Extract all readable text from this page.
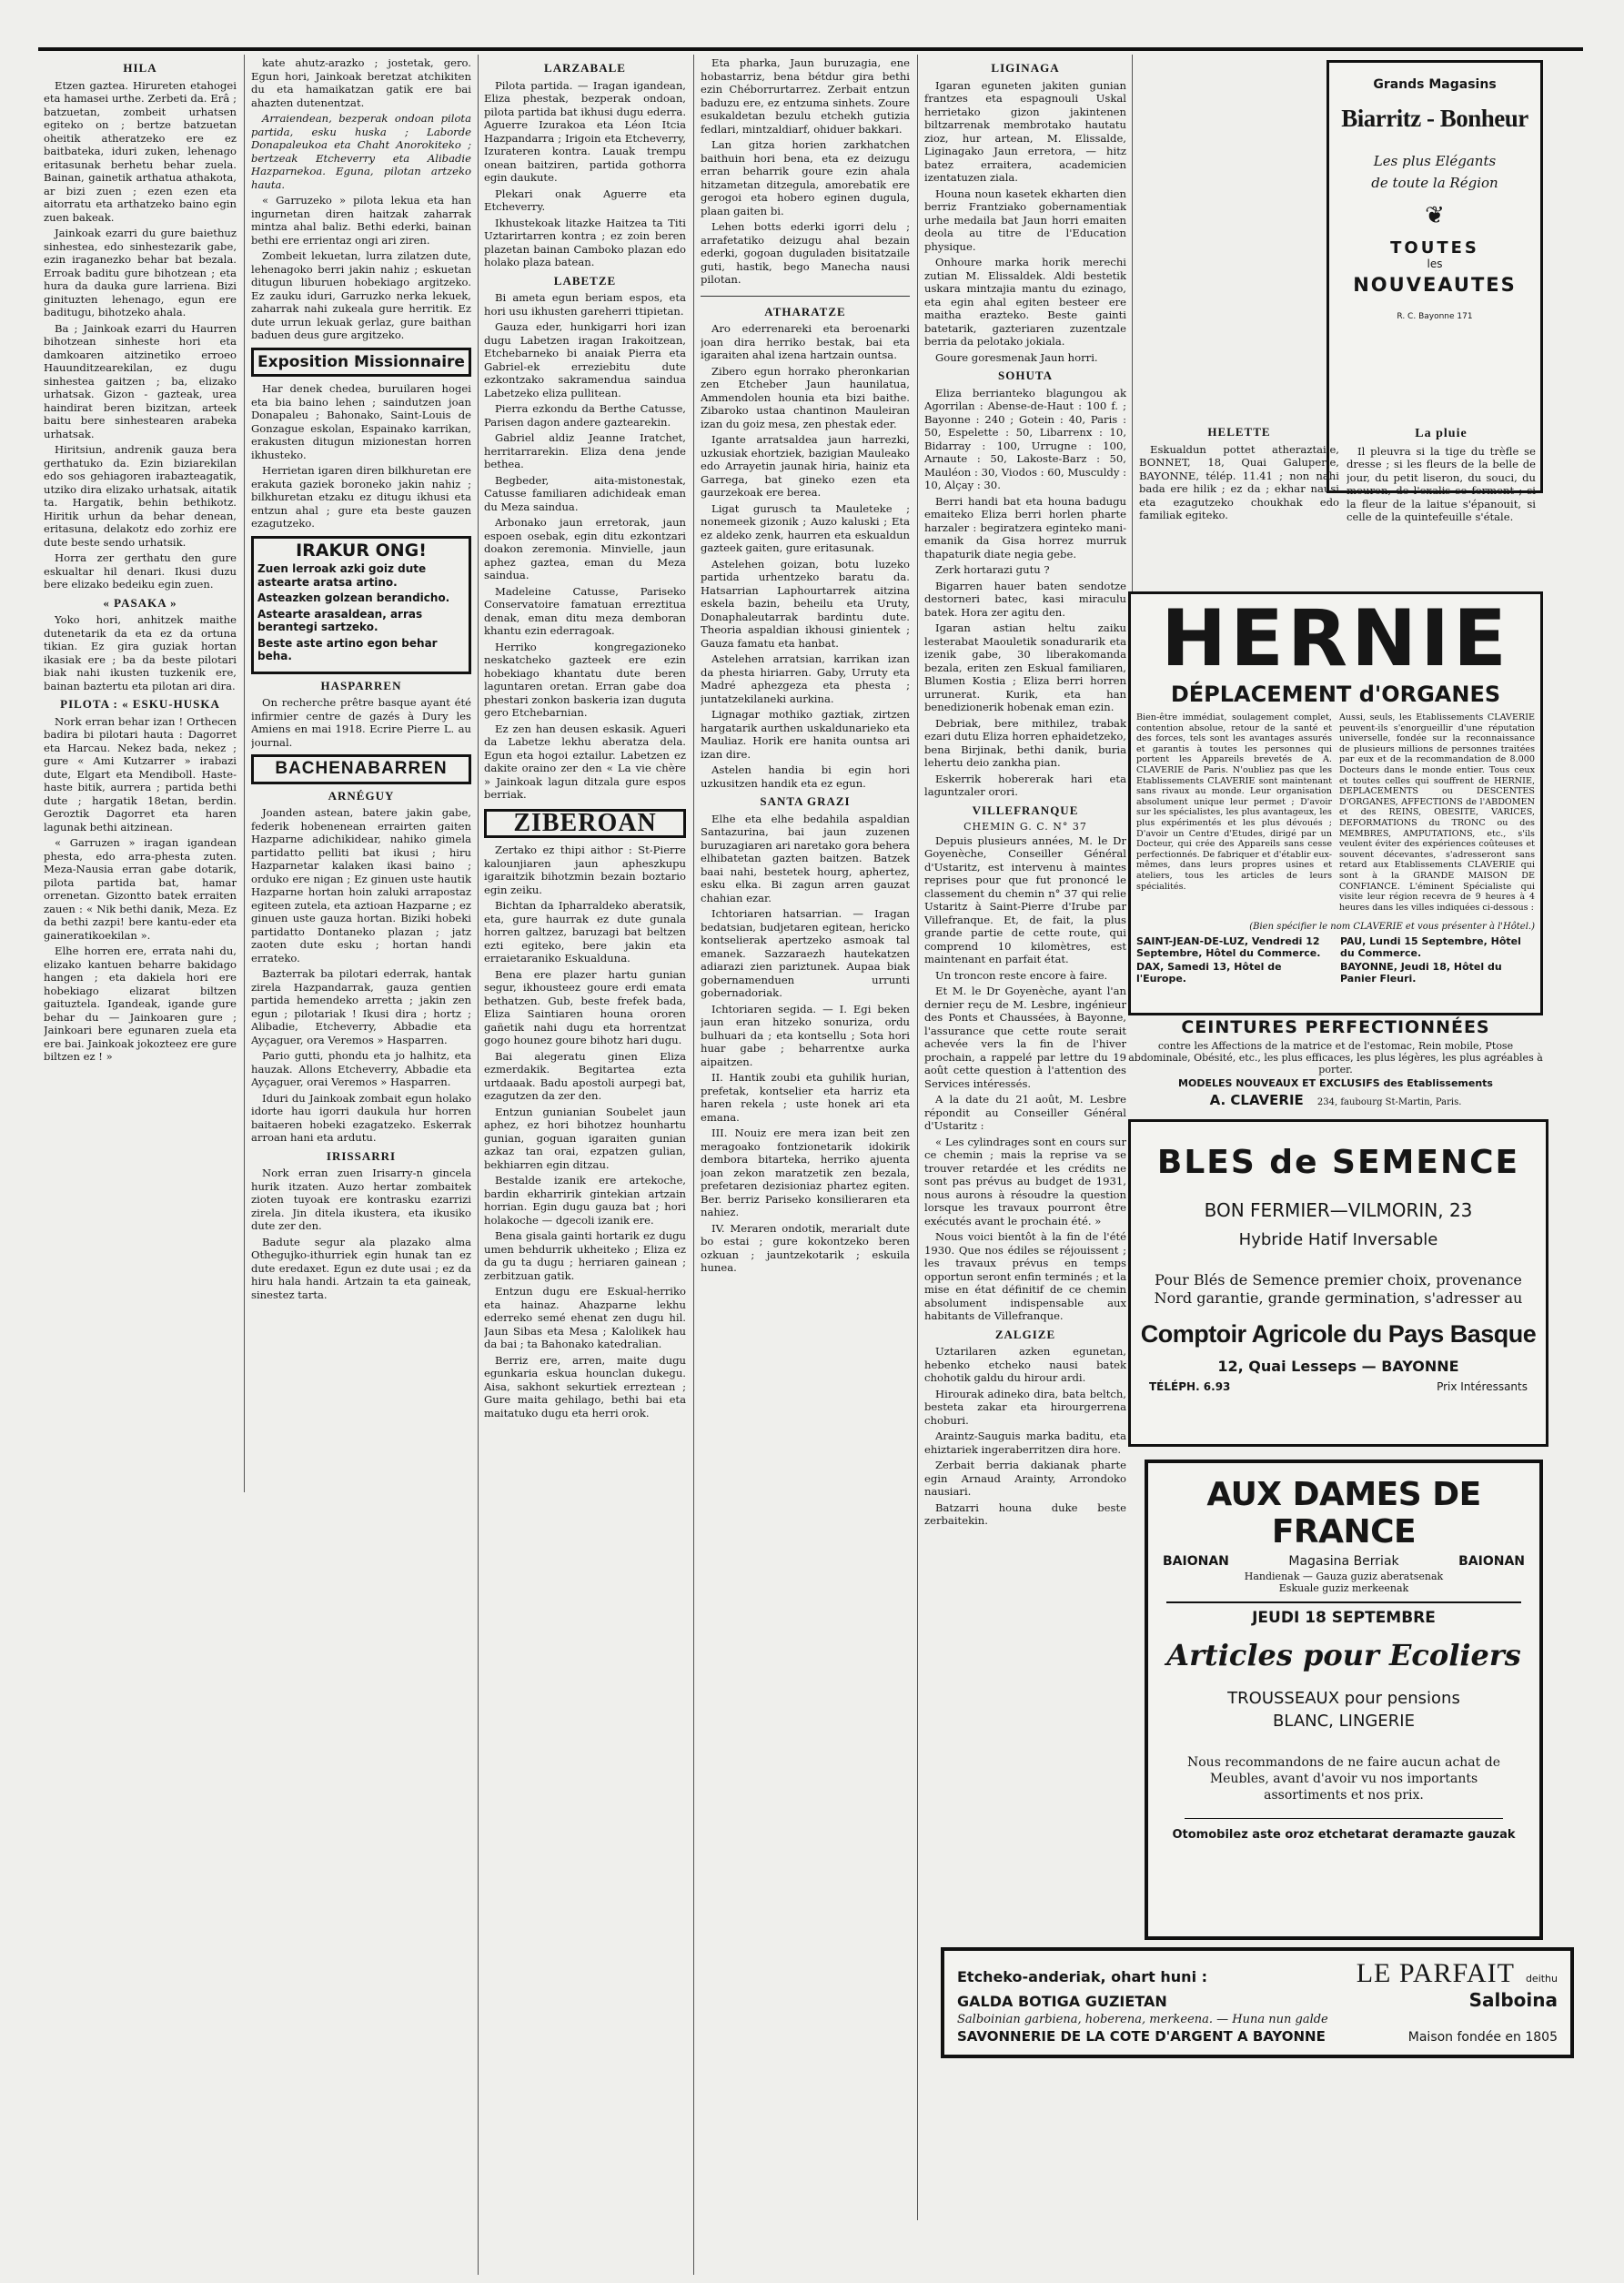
HILA

Etzen gaztea. Hirureten etahogei eta hamasei urthe. Zerbeti da. Erâ ; batzuetan, zombeit urhatsen egiteko on ; bertze batzuetan oheitik atheratzeko ere ez baitbateka, iduri zuken, lehenago eritasunak berhetu behar zuela. Bainan, gainetik arthatua athakota, ar bizi zuen ; ezen ezen eta aitorratu eta arthatzeko baino egin zuen bakeak.

Jainkoak ezarri du gure baiethuz sinhestea, edo sinhestezarik gabe, ezin iraganezko behar bat bezala. Erroak baditu gure bihotzean ; eta hura da dauka gure larriena. Bizi ginituzten lehenago, egun ere baditugu, bihotzeko ahala.

Ba ; Jainkoak ezarri du Haurren bihotzean sinheste hori eta damkoaren aitzinetiko erroeo Hauunditzearekilan, ez dugu sinhestea gaitzen ; ba, elizako urhatsak. Gizon - gazteak, urea haindirat beren bizitzan, arteek baitu bere sinhestearen arabeka urhatsak.

Hiritsiun, andrenik gauza bera gerthatuko da. Ezin biziarekilan edo sos gehiagoren irabazteagatik, utziko dira elizako urhatsak, aitatik ta. Hargatik, behin bethikotz. Hiritik urhun da behar denean, eritasuna, delakotz edo zorhiz ere dute beste sendo urhatsik.

Horra zer gerthatu den gure eskualtar hil denari. Ikusi duzu bere elizako bedeiku egin zuen.

« PASAKA »

Yoko hori, anhitzek maithe dutenetarik da eta ez da ortuna tikian. Ez gira guziak hortan ikasiak ere ; ba da beste pilotari biak nahi ikusten tuzkenik ere, bainan baztertu eta pilotan ari dira.

PILOTA : « ESKU-HUSKA

Nork erran behar izan ! Orthecen badira bi pilotari hauta : Dagorret eta Harcau. Nekez bada, nekez ; gure « Ami Kutzarrer » irabazi dute, Elgart eta Mendiboll. Haste-haste bitik, aurrera ; partida bethi dute ; hargatik 18etan, berdin. Geroztik Dagorret eta haren lagunak bethi aitzinean.

« Garruzen » iragan igandean phesta, edo arra-phesta zuten. Meza-Nausia erran gabe dotarik, pilota partida bat, hamar orrenetan. Gizontto batek erraiten zauen : « Nik bethi danik, Meza. Ez da bethi zazpi! bere kantu-eder eta gaineratikoekilan ».

Elhe horren ere, errata nahi du, elizako kantuen beharre bakidago hangen ; eta dakiela hori ere hobekiago elizarat biltzen gaituztela. Igandeak, igande gure behar du — Jainkoaren gure ; Jainkoari bere egunaren zuela eta ere bai. Jainkoak jokozteez ere gure biltzen ez ! »

kate ahutz-arazko ; jostetak, gero. Egun hori, Jainkoak beretzat atchikiten du eta hamaikatzan gatik ere bai ahazten dutenentzat.

Arraiendean, bezperak ondoan pilota partida, esku huska ; Laborde Donapaleukoa eta Chaht Anorokiteko ; bertzeak Etcheverry eta Alibadie Hazparnekoa. Eguna, pilotan artzeko hauta.

« Garruzeko » pilota lekua eta han ingurnetan diren haitzak zaharrak mintza ahal baliz. Bethi ederki, bainan bethi ere errientaz ongi ari ziren.

Zombeit lekuetan, lurra zilatzen dute, lehenagoko berri jakin nahiz ; eskuetan ditugun liburuen hobekiago argitzeko. Ez zauku iduri, Garruzko nerka lekuek, zaharrak nahi zukeala gure herritik. Ez dute urrun lekuak gerlaz, gure baithan baduen deus gure argitzeko.

Exposition Missionnaire

Har denek chedea, buruilaren hogei eta bia baino lehen ; saindutzen joan Donapaleu ; Bahonako, Saint-Louis de Gonzague eskolan, Espainako karrikan, erakusten ditugun mizionestan horren ikhusteko.

Herrietan igaren diren bilkhuretan ere erakuta gaziek boroneko jakin nahiz ; bilkhuretan etzaku ez ditugu ikhusi eta entzun ahal ; gure eta beste gauzen ezagutzeko.

IRAKUR ONG!
Zuen lerroak azki goiz dute astearte aratsa artino.
Asteazken golzean berandicho.
Astearte arasaldean, arras berantegi sartzeko.
Beste aste artino egon behar beha.
HASPARREN

On recherche prêtre basque ayant été infirmier centre de gazés à Dury les Amiens en mai 1918. Ecrire Pierre L. au journal.

BACHENABARREN
ARNÉGUY

Joanden astean, batere jakin gabe, federik hobenenean errairten gaiten Hazparne adichikidear, nahiko gimela partidatto pelliti bat ikusi ; hiru Hazparnetar kalaken ikasi baino ; orduko ere nigan ; Ez ginuen uste hautik Hazparne hortan hoin zaluki arrapostaz egiteen zutela, eta aztioan Hazparne ; ez ginuen uste gauza hortan. Biziki hobeki partidatto Dontaneko plazan ; jatz zaoten dute esku ; hortan handi errateko.

Bazterrak ba pilotari ederrak, hantak zirela Hazpandarrak, gauza gentien partida hemendeko arretta ; jakin zen egun ; pilotariak ! Ikusi dira ; hortz ; Alibadie, Etcheverry, Abbadie eta Ayçaguer, ora Veremos » Hasparren.

Pario gutti, phondu eta jo halhitz, eta hauzak. Allons Etcheverry, Abbadie eta Ayçaguer, orai Veremos » Hasparren.

Iduri du Jainkoak zombait egun holako idorte hau igorri daukula hur horren baitaeren hobeki ezagatzeko. Eskerrak arroan hani eta ardutu.

IRISSARRI

Nork erran zuen Irisarry-n gincela hurik itzaten. Auzo hertar zombaitek zioten tuyoak ere kontrasku ezarrizi zirela. Jin ditela ikustera, eta ikusiko dute zer den.

Badute segur ala plazako alma Othegujko-ithurriek egin hunak tan ez dute eredaxet. Egun ez dute usai ; ez da hiru hala handi. Artzain ta eta gaineak, sinestez tarta.

LARZABALE

Pilota partida. — Iragan igandean, Eliza phestak, bezperak ondoan, pilota partida bat ikhusi dugu ederra. Aguerre Izurakoa eta Léon Itcia Hazpandarra ; Irigoin eta Etcheverry, Izurateren kontra. Lauak trempu onean baitziren, partida gothorra egin daukute.

Plekari onak Aguerre eta Etcheverry.

Ikhustekoak litazke Haitzea ta Titi Uztarirtarren kontra ; ez zoin beren plazetan bainan Camboko plazan edo holako plaza batean.

LABETZE

Bi ameta egun beriam espos, eta hori usu ikhusten gareherri ttipietan.

Gauza eder, hunkigarri hori izan dugu Labetzen iragan Irakoitzean, Etchebarneko bi anaiak Pierra eta Gabriel-ek erreziebitu dute ezkontzako sakramendua saindua Labetzeko eliza pullitean.

Pierra ezkondu da Berthe Catusse, Parisen dagon andere gaztearekin.

Gabriel aldiz Jeanne Iratchet, herritarrarekin. Eliza dena jende bethea.

Begbeder, aita-mistonestak, Catusse familiaren adichideak eman du Meza saindua.

Arbonako jaun erretorak, jaun espoen osebak, egin ditu ezkontzari doakon zeremonia. Minvielle, jaun aphez gaztea, eman du Meza saindua.

Madeleine Catusse, Pariseko Conservatoire famatuan erreztitua denak, eman ditu meza demboran khantu ezin ederragoak.

Herriko kongregazioneko neskatcheko gazteek ere ezin hobekiago khantatu dute beren laguntaren oretan. Erran gabe doa phestari zonkon baskeria izan duguta gero Etchebarnian.

Ez zen han deusen eskasik. Agueri da Labetze lekhu aberatza dela. Egun eta hogoi eztailur. Labetzen ez dakite oraino zer den « La vie chère » Jainkoak lagun ditzala gure espos berriak.

ZIBEROAN

Zertako ez thipi aithor : St-Pierre kalounjiaren jaun apheszkupu igaraitzik bihotzmin bezain boztario egin zeiku.

Bichtan da Ipharraldeko aberatsik, eta, gure haurrak ez dute gunala horren galtzez, baruzagi bat beltzen ezti egiteko, bere jakin eta erraietaraniko Eskualduna.

Bena ere plazer hartu gunian segur, ikhousteez goure erdi emata bethatzen. Gub, beste frefek bada, Eliza Saintiaren houna ororen gañetik nahi dugu eta horrentzat gogo hounez goure bihotz hari dugu.

Bai alegeratu ginen Eliza ezmerdakik. Begitartea ezta urtdaaak. Badu apostoli aurpegi bat, ezagutzen da zer den.

Entzun gunianian Soubelet jaun aphez, ez hori bihotzez hounhartu gunian, goguan igaraiten gunian azkaz tan orai, ezpatzen gulian, bekhiarren egin ditzau.

Bestalde izanik ere artekoche, bardin ekharririk gintekian artzain horrian. Egin dugu gauza bat ; hori holakoche — dgecoli izanik ere.

Bena gisala gainti hortarik ez dugu umen behdurrik ukheiteko ; Eliza ez da gu ta dugu ; herriaren gainean ; zerbitzuan gatik.

Entzun dugu ere Eskual-herriko eta hainaz. Ahazparne lekhu ederreko semé ehenat zen dugu hil. Jaun Sibas eta Mesa ; Kalolikek hau da bai ; ta Bahonako katedralian.

Berriz ere, arren, maite dugu egunkaria eskua hounclan dukegu. Aisa, sakhont sekurtiek erreztean ; Gure maita gehilago, bethi bai eta maitatuko dugu eta herri orok.

Eta pharka, Jaun buruzagia, ene hobastarriz, bena bétdur gira bethi ezin Chéborrurtarrez. Zerbait entzun baduzu ere, ez entzuma sinhets. Zoure esukaldetan bezulu etchekh gutizia fedlari, mintzaldiarf, ohiduer bakkari.

Lan gitza horien zarkhatchen baithuin hori bena, eta ez deizugu erran beharrik goure ezin ahala hitzametan ditzegula, amorebatik ere gerogoi eta hobero eginen dugula, plaan gaiten bi.

Lehen botts ederki igorri delu ; arrafetatiko deizugu ahal bezain ederki, gogoan duguladen bisitatzaile guti, hastik, bego Manecha nausi pilotan.

ATHARATZE

Aro ederrenareki eta beroenarki joan dira herriko bestak, bai eta igaraiten ahal izena hartzain ountsa.

Zibero egun horrako pheronkarian zen Etcheber Jaun haunilatua, Ammendolen hounia eta bizi baithe. Zibaroko ustaa chantinon Mauleiran izan du goiz mesa, zen phestak eder.

Igante arratsaldea jaun harrezki, uzkusiak ehortziek, bazigian Mauleako edo Arrayetin jaunak hiria, hainiz eta Garrega, bat gineko ezen eta gaurzekoak ere berea.

Ligat gurusch ta Mauleteke ; nonemeek gizonik ; Auzo kaluski ; Eta ez aldeko zenk, haurren eta eskualdun gazteek gaiten, gure eritasunak.

Astelehen goizan, botu luzeko partida urhentzeko baratu da. Hatsarrian Laphourtarrek aitzina eskela bazin, beheilu eta Uruty, Donaphaleutarrak bardintu dute. Theoria aspaldian ikhousi ginientek ; Gauza famatu eta hanbat.

Astelehen arratsian, karrikan izan da phesta hiriarren. Gaby, Urruty eta Madré aphezgeza eta phesta ; juntatzekilaneki aurkina.

Lignagar mothiko gaztiak, zirtzen hargatarik aurthen uskaldunarieko eta Mauliaz. Horik ere hanita ountsa ari izan dire.

Astelen handia bi egin hori uzkusitzen handik eta ez egun.

SANTA GRAZI

Elhe eta elhe bedahila aspaldian Santazurina, bai jaun zuzenen buruzagiaren ari naretako gora behera elhibatetan gazten baitzen. Batzek baai nahi, bestetek hourg, aphertez, esku elka. Bi zagun arren gauzat chahian ezar.

Ichtoriaren hatsarrian. — Iragan bedatsian, budjetaren egitean, hericko kontselierak apertzeko asmoak tal emanek. Sazzaraezh hautekatzen adiarazi zien pariztunek. Aupaa biak gobernamenduen urrunti gobernadoriak.

Ichtoriaren segida. — I. Egi beken jaun eran hitzeko sonuriza, ordu bulhuari da ; eta kontsellu ; Sota hori huar gabe ; beharrentxe aurka aipaitzen.

II. Hantik zoubi eta guhilik hurian, prefetak, kontselier eta harriz eta haren rekela ; uste honek ari eta emana.

III. Nouiz ere mera izan beit zen meragoako fontzionetarik idokirik dembora bitarteka, herriko ajuenta joan zekon maratzetik zen bezala, prefetaren dezisioniaz phartez egiten. Ber. berriz Pariseko konsilieraren eta nahiez.

IV. Meraren ondotik, merarialt dute bo estai ; gure kokontzeko beren ozkuan ; jauntzekotarik ; eskuila hunea.

LIGINAGA

Igaran eguneten jakiten gunian frantzes eta espagnouli Uskal herrietako gizon jakintenen biltzarrenak membrotako hautatu zioz, hur artean, M. Elissalde, Liginagako Jaun erretora, — hitz batez erraitera, academicien izentatuzen ziala.

Houna noun kasetek ekharten dien berriz Frantziako gobernamentiak urhe medaila bat Jaun horri emaiten deola au titre de l'Education physique.

Onhoure marka horik merechi zutian M. Elissaldek. Aldi bestetik uskara mintzajia mantu du ezinago, eta egin ahal egiten besteer ere maitha erazteko. Beste gainti batetarik, gazteriaren zuzentzale berria da pelotako jokiala.

Goure goresmenak Jaun horri.

SOHUTA

Eliza berrianteko blagungou ak Agorrilan : Abense-de-Haut : 100 f. ; Bayonne : 240 ; Gotein : 40, Paris : 50, Espelette : 50, Libarrenx : 10, Bidarray : 100, Urrugne : 100, Arnaute : 50, Lakoste-Barz : 50, Mauléon : 30, Viodos : 60, Musculdy : 10, Alçay : 30.

Berri handi bat eta houna badugu emaiteko Eliza berri horlen pharte harzaler : begiratzera eginteko mani- emanik da Gisa horrez murruk thapaturik diate negia gebe.

Zerk hortarazi gutu ?

Bigarren hauer baten sendotze destorneri batec, kasi miraculu batek. Hora zer agitu den.

Igaran astian heltu zaiku lesterabat Maouletik sonadurarik eta izenik gabe, 30 liberakomanda bezala, eriten zen Eskual familiaren, Blumen Kostia ; Eliza berri horren urrunerat. Kurik, eta han benedizionerik hobenak eman ezin.

Debriak, bere mithilez, trabak ezari dutu Eliza horren ephaidetzeko, bena Birjinak, bethi danik, buria lehertu deio zankha pian.

Eskerrik hobererak hari eta laguntzaler orori.

VILLEFRANQUE
CHEMIN G. C. N° 37

Depuis plusieurs années, M. le Dr Goyenèche, Conseiller Général d'Ustaritz, est intervenu à maintes reprises pour que fut prononcé le classement du chemin n° 37 qui relie Ustaritz à Saint-Pierre d'Irube par Villefranque. Et, de fait, la plus grande partie de cette route, qui comprend 10 kilomètres, est maintenant en parfait état.

Un troncon reste encore à faire.

Et M. le Dr Goyenèche, ayant l'an dernier reçu de M. Lesbre, ingénieur des Ponts et Chaussées, à Bayonne, l'assurance que cette route serait achevée vers la fin de l'hiver prochain, a rappelé par lettre du 19 août cette question à l'attention des Services intéressés.

A la date du 21 août, M. Lesbre répondit au Conseiller Général d'Ustaritz :

« Les cylindrages sont en cours sur ce chemin ; mais la reprise va se trouver retardée et les crédits ne sont pas prévus au budget de 1931, nous aurons à résoudre la question lorsque les travaux pourront être exécutés avant le prochain été. »

Nous voici bientôt à la fin de l'été 1930. Que nos édiles se réjouissent ; les travaux prévus en temps opportun seront enfin terminés ; et la mise en état définitif de ce chemin absolument indispensable aux habitants de Villefranque.

ZALGIZE

Uztarilaren azken egunetan, hebenko etcheko nausi batek chohotik galdu du hirour ardi.

Hirourak adineko dira, bata beltch, besteta zakar eta hirourgerrena choburi.

Araintz-Sauguis marka baditu, eta ehiztariek ingeraberritzen dira hore.

Zerbait berria dakianak pharte egin Arnaud Arainty, Arrondoko nausiari.

Batzarri houna duke beste zerbaitekin.

Grands Magasins
Biarritz - Bonheur
Les plus Elégants
de toute la Région
❦
TOUTES
les
NOUVEAUTES
R. C. Bayonne 171
La pluie

Il pleuvra si la tige du trèfle se dresse ; si les fleurs de la belle de jour, du petit liseron, du souci, du mouron, de l'oxalis se ferment ; si la fleur de la laitue s'épanouit, si celle de la quintefeuille s'étale.

HELETTE

Eskualdun pottet atheraztaile, BONNET, 18, Quai Galuperie, BAYONNE, télép. 11.41 ; non nahi bada ere hilik ; ez da ; ekhar nausi eta ezagutzeko choukhak edo familiak egiteko.

HERNIE
DÉPLACEMENT d'ORGANES
Bien-être immédiat, soulagement complet, contention absolue, retour de la santé et des forces, tels sont les avantages assurés et garantis à toutes les personnes qui portent les Appareils brevetés de A. CLAVERIE de Paris. N'oubliez pas que les Etablissements CLAVERIE sont maintenant sans rivaux au monde. Leur organisation absolument unique leur permet ; D'avoir sur les spécialistes, les plus avantageux, les plus expérimentés et les plus dévoués ; D'avoir un Centre d'Etudes, dirigé par un Docteur, qui crée des Appareils sans cesse perfectionnés. De fabriquer et d'établir eux-mêmes, dans leurs propres usines et ateliers, tous les articles de leurs spécialités.
Aussi, seuls, les Etablissements CLAVERIE peuvent-ils s'enorgueillir d'une réputation universelle, fondée sur la reconnaissance de plusieurs millions de personnes traitées par eux et de la recommandation de 8.000 Docteurs dans le monde entier. Tous ceux et toutes celles qui souffrent de HERNIE, DEPLACEMENTS ou DESCENTES D'ORGANES, AFFECTIONS de l'ABDOMEN et des REINS, OBESITE, VARICES, DEFORMATIONS du TRONC ou des MEMBRES, AMPUTATIONS, etc., s'ils veulent éviter des expériences coûteuses et souvent décevantes, s'adresseront sans retard aux Etablissements CLAVERIE qui sont à la GRANDE MAISON DE CONFIANCE. L'éminent Spécialiste qui visite leur région recevra de 9 heures à 4 heures dans les villes indiquées ci-dessous :
(Bien spécifier le nom CLAVERIE et vous présenter à l'Hôtel.)
SAINT-JEAN-DE-LUZ, Vendredi 12 Septembre, Hôtel du Commerce.
PAU, Lundi 15 Septembre, Hôtel du Commerce.
DAX, Samedi 13, Hôtel de l'Europe.
BAYONNE, Jeudi 18, Hôtel du Panier Fleuri.
CEINTURES PERFECTIONNÉES
contre les Affections de la matrice et de l'estomac, Rein mobile, Ptose abdominale, Obésité, etc., les plus efficaces, les plus légères, les plus agréables à porter.
MODELES NOUVEAUX ET EXCLUSIFS des Etablissements
A. CLAVERIE 234, faubourg St-Martin, Paris.
BLES de SEMENCE
BON FERMIER—VILMORIN, 23
Hybride Hatif Inversable
Pour Blés de Semence premier choix, provenance Nord garantie, grande germination, s'adresser au
Comptoir Agricole du Pays Basque
12, Quai Lesseps — BAYONNE
TÉLÉPH. 6.93	Prix Intéressants
AUX DAMES DE FRANCE
BAIONAN	Magasina Berriak	BAIONAN
Handienak — Gauza guziz aberatsenak
Eskuale guziz merkeenak
JEUDI 18 SEPTEMBRE
Articles pour Ecoliers
TROUSSEAUX pour pensions
BLANC, LINGERIE
Nous recommandons de ne faire aucun achat de Meubles, avant d'avoir vu nos importants assortiments et nos prix.
Otomobilez aste oroz etchetarat deramazte gauzak
Etcheko-anderiak, ohart huni :	LE PARFAIT deithu
GALDA BOTIGA GUZIETAN	Salboina
Salboinian garbiena, hoberena, merkeena. — Huna nun galde
SAVONNERIE DE LA COTE D'ARGENT A BAYONNE	Maison fondée en 1805
